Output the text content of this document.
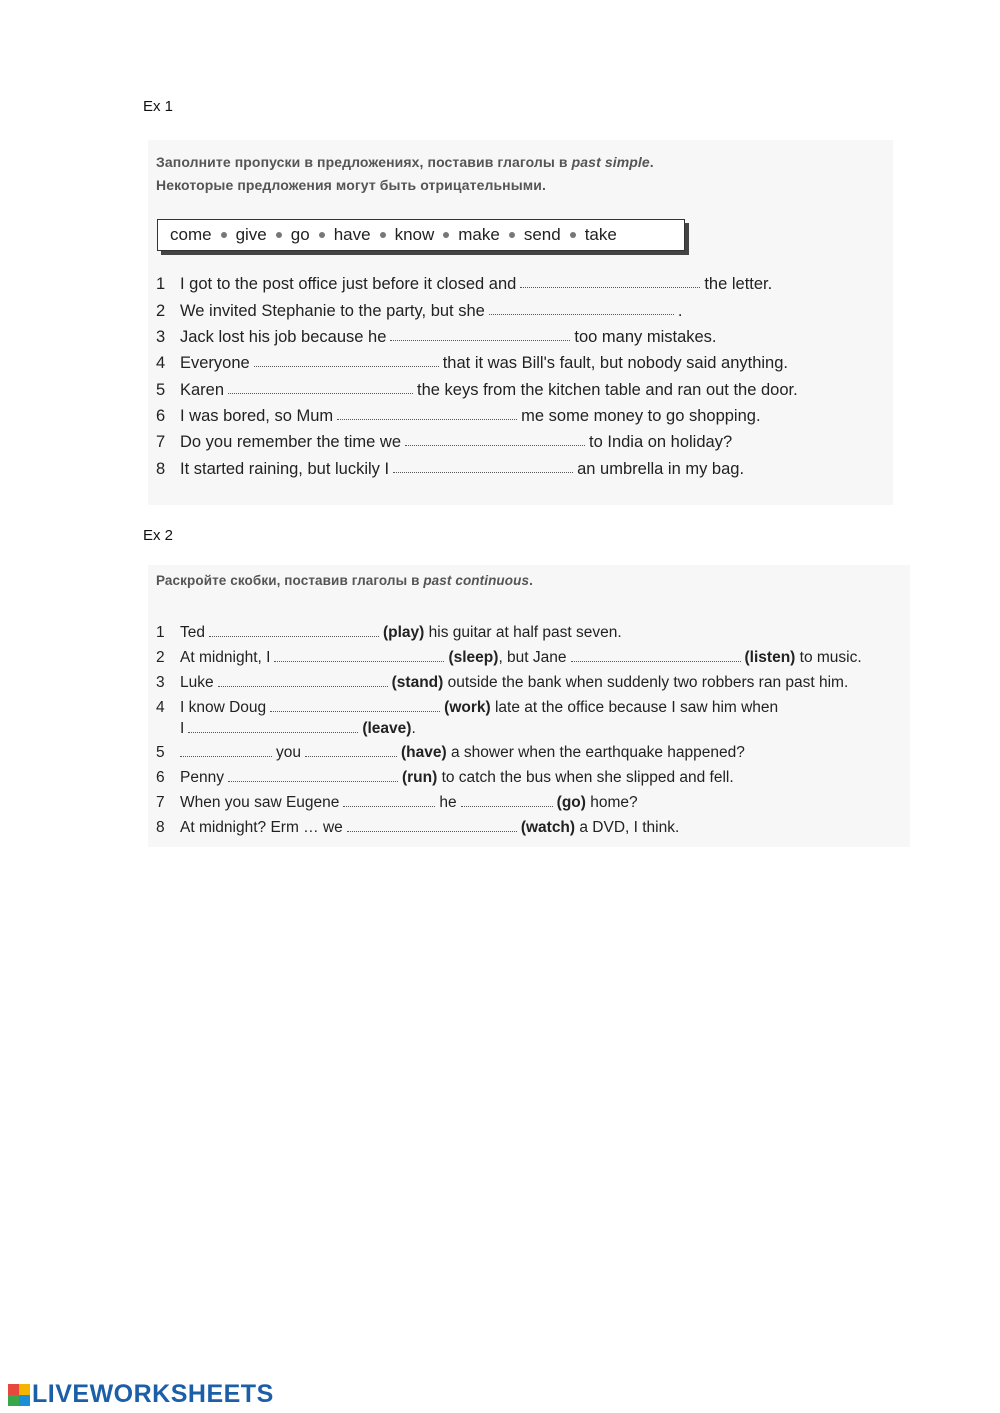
Ex 1
Заполните пропуски в предложениях, поставив глаголы в past simple.
Некоторые предложения могут быть отрицательными.
come give go have know make send take
1 I got to the post office just before it closed and	the letter.
2 We invited Stephanie to the party, but she	.
3 Jack lost his job because he	too many mistakes.
4 Everyone	that it was Bill's fault, but nobody said anything.
5 Karen	the keys from the kitchen table and ran out the door.
6 I was bored, so Mum	me some money to go shopping.
7 Do you remember the time we	to India on holiday?
8 It started raining, but luckily I	an umbrella in my bag.
Ex 2
Раскройте скобки, поставив глаголы в past continuous.
1 Ted	(play)
his guitar at half past seven.
2 At midnight, I	(sleep) , but Jane	(listen)
to music.
3 Luke	(stand)
outside the bank when suddenly two robbers ran past him.
4 I know Doug	(work)
late at the office because I saw him when
I	(leave) .
5	you	(have)
a shower when the earthquake happened?
6 Penny	(run)
to catch the bus when she slipped and fell.
7 When you saw Eugene	he	(go)
home?
8 At midnight? Erm … we	(watch)
a DVD, I think.
LIVEWORKSHEETS
